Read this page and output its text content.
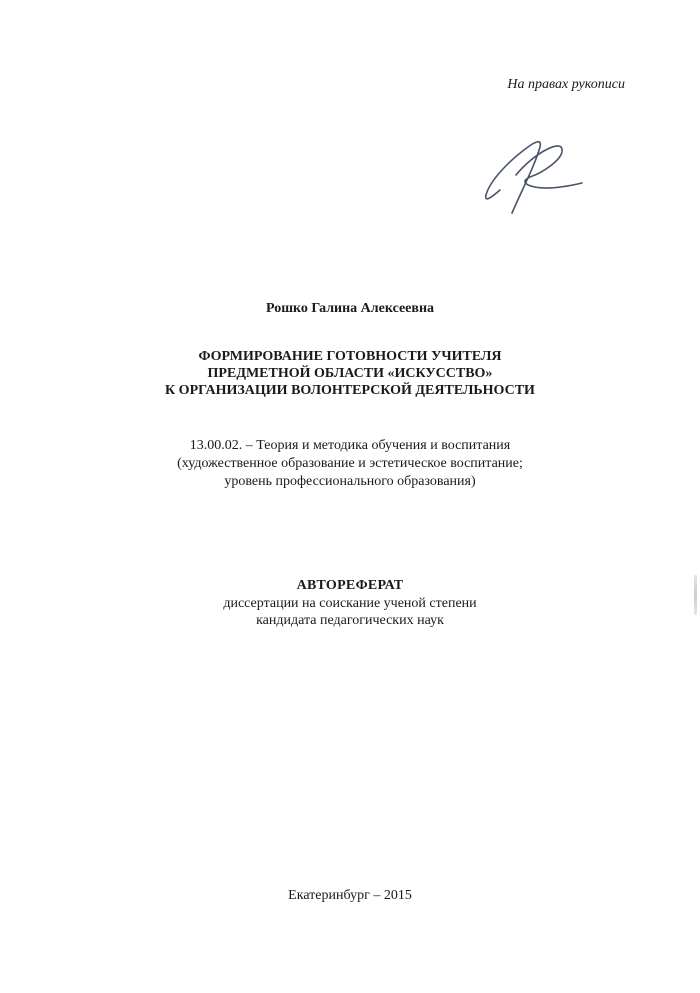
На правах рукописи
Рошко Галина Алексеевна
ФОРМИРОВАНИЕ ГОТОВНОСТИ УЧИТЕЛЯ
ПРЕДМЕТНОЙ ОБЛАСТИ «ИСКУССТВО»
К ОРГАНИЗАЦИИ ВОЛОНТЕРСКОЙ ДЕЯТЕЛЬНОСТИ
13.00.02. – Теория и методика обучения и воспитания
(художественное образование и эстетическое воспитание;
уровень профессионального образования)
АВТОРЕФЕРАТ
диссертации на соискание ученой степени
кандидата педагогических наук
Екатеринбург – 2015
